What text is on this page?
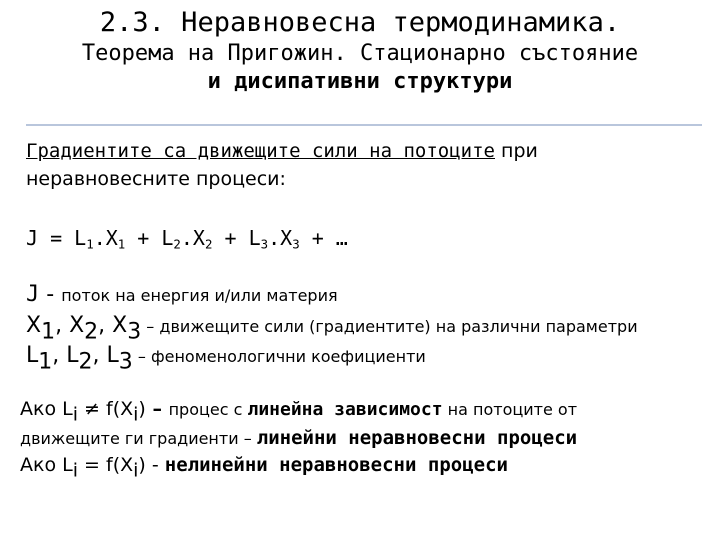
2.3. Неравновесна термодинамика.
Теорема на Пригожин. Стационарно състояние
и дисипативни структури
Градиентите са движещите сили на потоците при
неравновесните процеси:
$J = L_1.X_1 + L_2.X_2 + L_3.X_3$ + …
J - поток на енергия и/или материя
$X_1$, $X_2$, $X_3$ – движещите сили (градиентите) на различни параметри
$L_1$, $L_2$, $L_3$ – феноменологични коефициенти
Ако $L_i \ne f(X_i)$ – процес с линейна зависимост на потоците от
движещите ги градиенти – линейни неравновесни процеси
Ако $L_i = f(X_i)$ - нелинейни неравновесни процеси
